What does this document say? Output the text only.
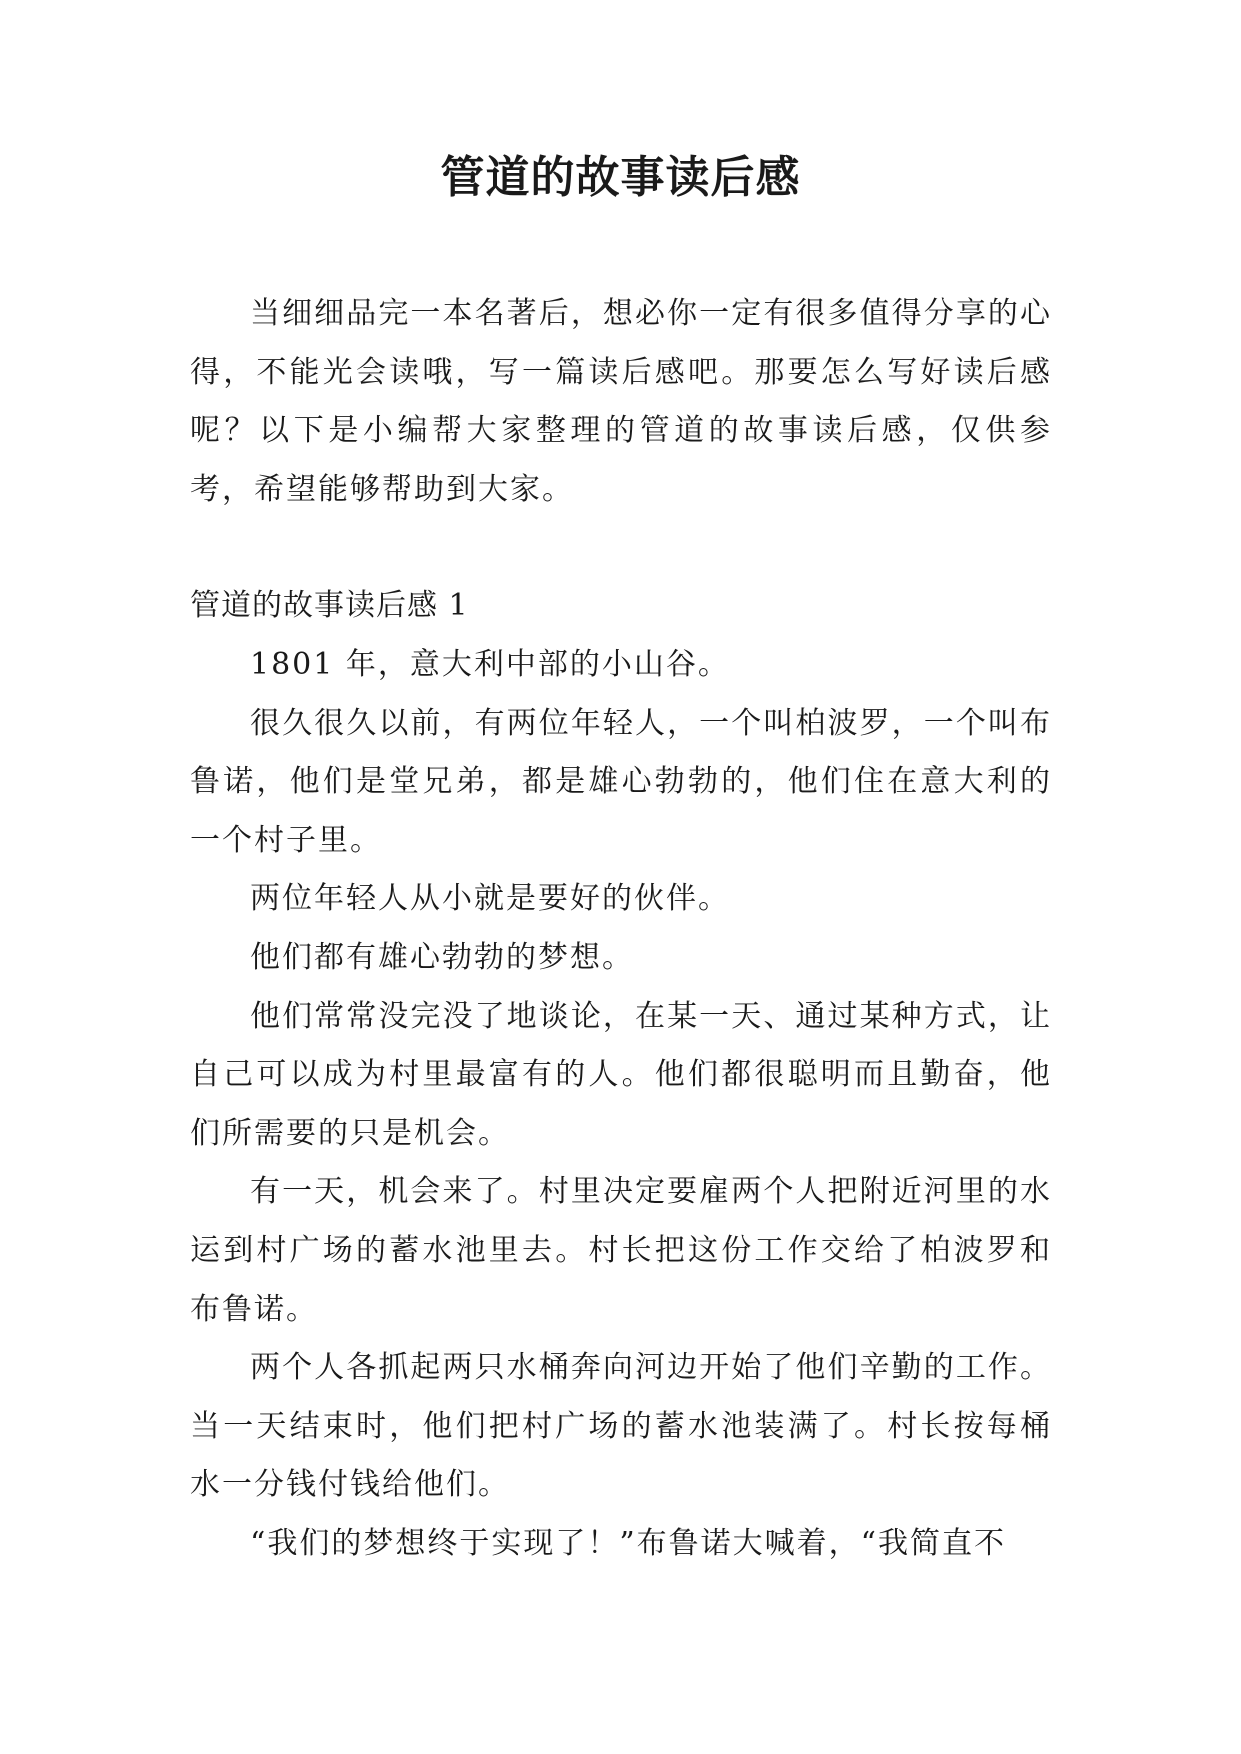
管道的故事读后感

当细细品完一本名著后，想必你一定有很多值得分享的心得，不能光会读哦，写一篇读后感吧。那要怎么写好读后感呢？以下是小编帮大家整理的管道的故事读后感，仅供参考，希望能够帮助到大家。

管道的故事读后感 1

1801 年，意大利中部的小山谷。

很久很久以前，有两位年轻人，一个叫柏波罗，一个叫布鲁诺，他们是堂兄弟，都是雄心勃勃的，他们住在意大利的一个村子里。

两位年轻人从小就是要好的伙伴。

他们都有雄心勃勃的梦想。

他们常常没完没了地谈论，在某一天、通过某种方式，让自己可以成为村里最富有的人。他们都很聪明而且勤奋，他们所需要的只是机会。

有一天，机会来了。村里决定要雇两个人把附近河里的水运到村广场的蓄水池里去。村长把这份工作交给了柏波罗和布鲁诺。

两个人各抓起两只水桶奔向河边开始了他们辛勤的工作。当一天结束时，他们把村广场的蓄水池装满了。村长按每桶水一分钱付钱给他们。

“我们的梦想终于实现了！”布鲁诺大喊着，“我简直不
